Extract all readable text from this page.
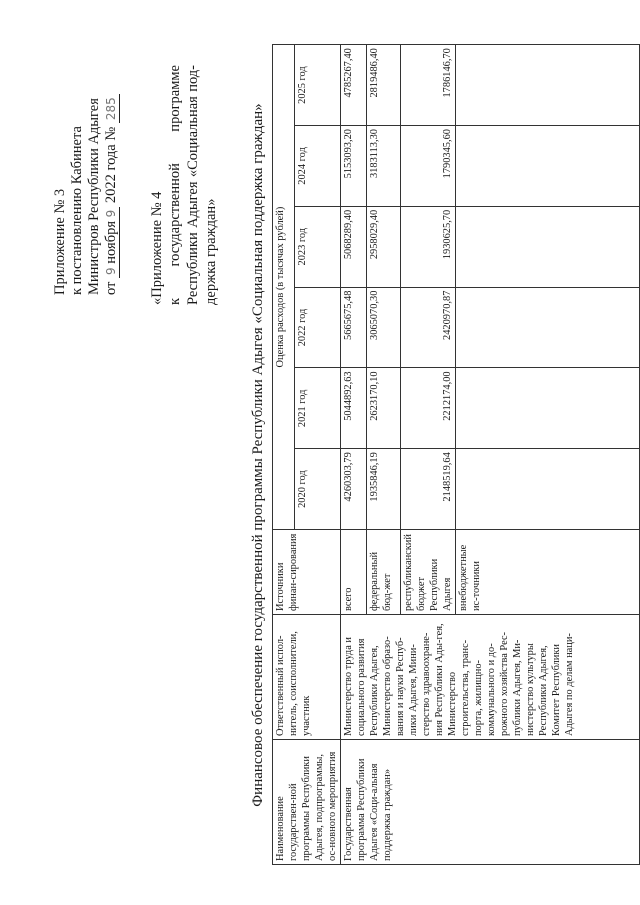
Приложение № 3 к постановлению Кабинета Министров Республики Адыгея от 9 ноября 9 2022 года № 285
«Приложение № 4 к государственной программе Республики Адыгея «Социальная под- держка граждан» Финансовое обеспечение государственной программы Республики Адыгея «Социальная поддержка граждан»
Наименование государствен-ной программы Республики Адыгея, подпрограммы, ос-новного мероприятия	Ответственный испол-нитель, соисполнители, участник	Источники финан-сирования	Оценка расходов (в тысячах рублей)					
			2020 год	2021 год	2022 год	2023 год	2024 год	2025 год
Государственная программа Республики Адыгея «Соци-альная поддержка граждан»	Министерство труда и социального развития Республики Адыгея, Министерство образо-вания и науки Респуб-лики Адыгея, Мини-стерство здравоохране-ния Республики Ады-гея, Министерство строительства, транс-порта, жилищно-коммунального и до-рожного хозяйства Рес-публики Адыгея, Ми-нистерство культуры Республики Адыгея, Комитет Республики Адыгея по делам наци-	всего	4260303,79	5044892,63	5665675,48	5068289,40	5153093,20	4785267,40
		федеральный бюд-жет	1935846,19	2623170,10	3065070,30	2958029,40	3183113,30	2819486,40
		республиканский бюджет Республики Адыгея	2148519,64	2212174,00	2420970,87	1930625,70	1790345,60	1786146,70
		внебюджетные ис-точники						
